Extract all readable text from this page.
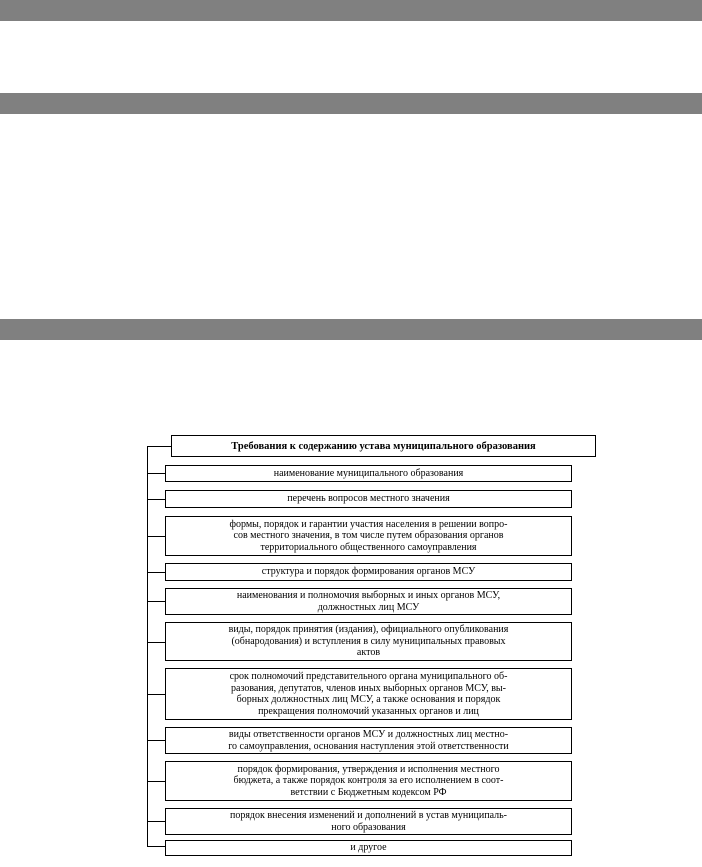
Требования к содержанию устава муниципального образования
наименование муниципального образования
перечень вопросов местного значения
формы, порядок и гарантии участия населения в решении вопро-
сов местного значения, в том числе путем образования органов
территориального общественного самоуправления
структура и порядок формирования органов МСУ
наименования и полномочия выборных и иных органов МСУ,
должностных лиц МСУ
виды, порядок принятия (издания), официального опубликования
(обнародования) и вступления в силу муниципальных правовых
актов
срок полномочий представительного органа муниципального об-
разования, депутатов, членов иных выборных органов МСУ, вы-
борных должностных лиц МСУ, а также основания и порядок
прекращения полномочий указанных органов и лиц
виды ответственности органов МСУ и должностных лиц местно-
го самоуправления, основания наступления этой ответственности
порядок формирования, утверждения и исполнения местного
бюджета, а также порядок контроля за его исполнением в соот-
ветствии с Бюджетным кодексом РФ
порядок внесения изменений и дополнений в устав муниципаль-
ного образования
и другое
